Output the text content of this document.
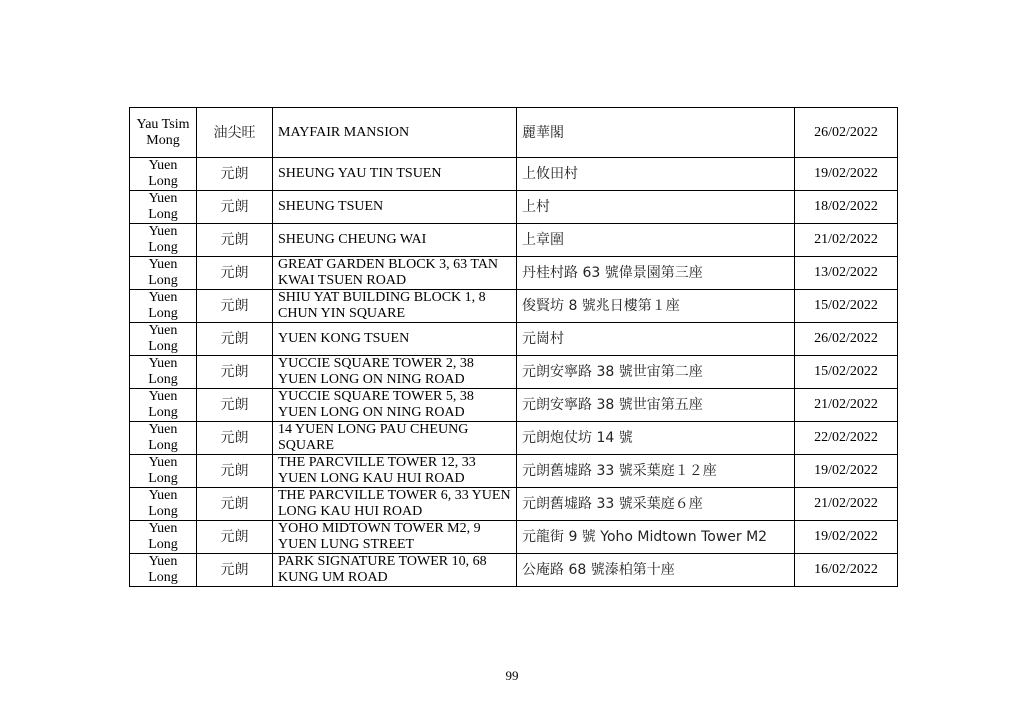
Yau Tsim Mong	油尖旺	MAYFAIR MANSION	麗華閣	26/02/2022
Yuen Long	元朗	SHEUNG YAU TIN TSUEN	上攸田村	19/02/2022
Yuen Long	元朗	SHEUNG TSUEN	上村	18/02/2022
Yuen Long	元朗	SHEUNG CHEUNG WAI	上章圍	21/02/2022
Yuen Long	元朗	GREAT GARDEN BLOCK 3, 63 TAN KWAI TSUEN ROAD	丹桂村路 63 號偉景園第三座	13/02/2022
Yuen Long	元朗	SHIU YAT BUILDING BLOCK 1, 8 CHUN YIN SQUARE	俊賢坊 8 號兆日樓第１座	15/02/2022
Yuen Long	元朗	YUEN KONG TSUEN	元崗村	26/02/2022
Yuen Long	元朗	YUCCIE SQUARE TOWER 2, 38 YUEN LONG ON NING ROAD	元朗安寧路 38 號世宙第二座	15/02/2022
Yuen Long	元朗	YUCCIE SQUARE TOWER 5, 38 YUEN LONG ON NING ROAD	元朗安寧路 38 號世宙第五座	21/02/2022
Yuen Long	元朗	14 YUEN LONG PAU CHEUNG SQUARE	元朗炮仗坊 14 號	22/02/2022
Yuen Long	元朗	THE PARCVILLE TOWER 12, 33 YUEN LONG KAU HUI ROAD	元朗舊墟路 33 號采葉庭１２座	19/02/2022
Yuen Long	元朗	THE PARCVILLE TOWER 6, 33 YUEN LONG KAU HUI ROAD	元朗舊墟路 33 號采葉庭６座	21/02/2022
Yuen Long	元朗	YOHO MIDTOWN TOWER M2, 9 YUEN LUNG STREET	元龍街 9 號 Yoho Midtown Tower M2	19/02/2022
Yuen Long	元朗	PARK SIGNATURE TOWER 10, 68 KUNG UM ROAD	公庵路 68 號溱柏第十座	16/02/2022
99
